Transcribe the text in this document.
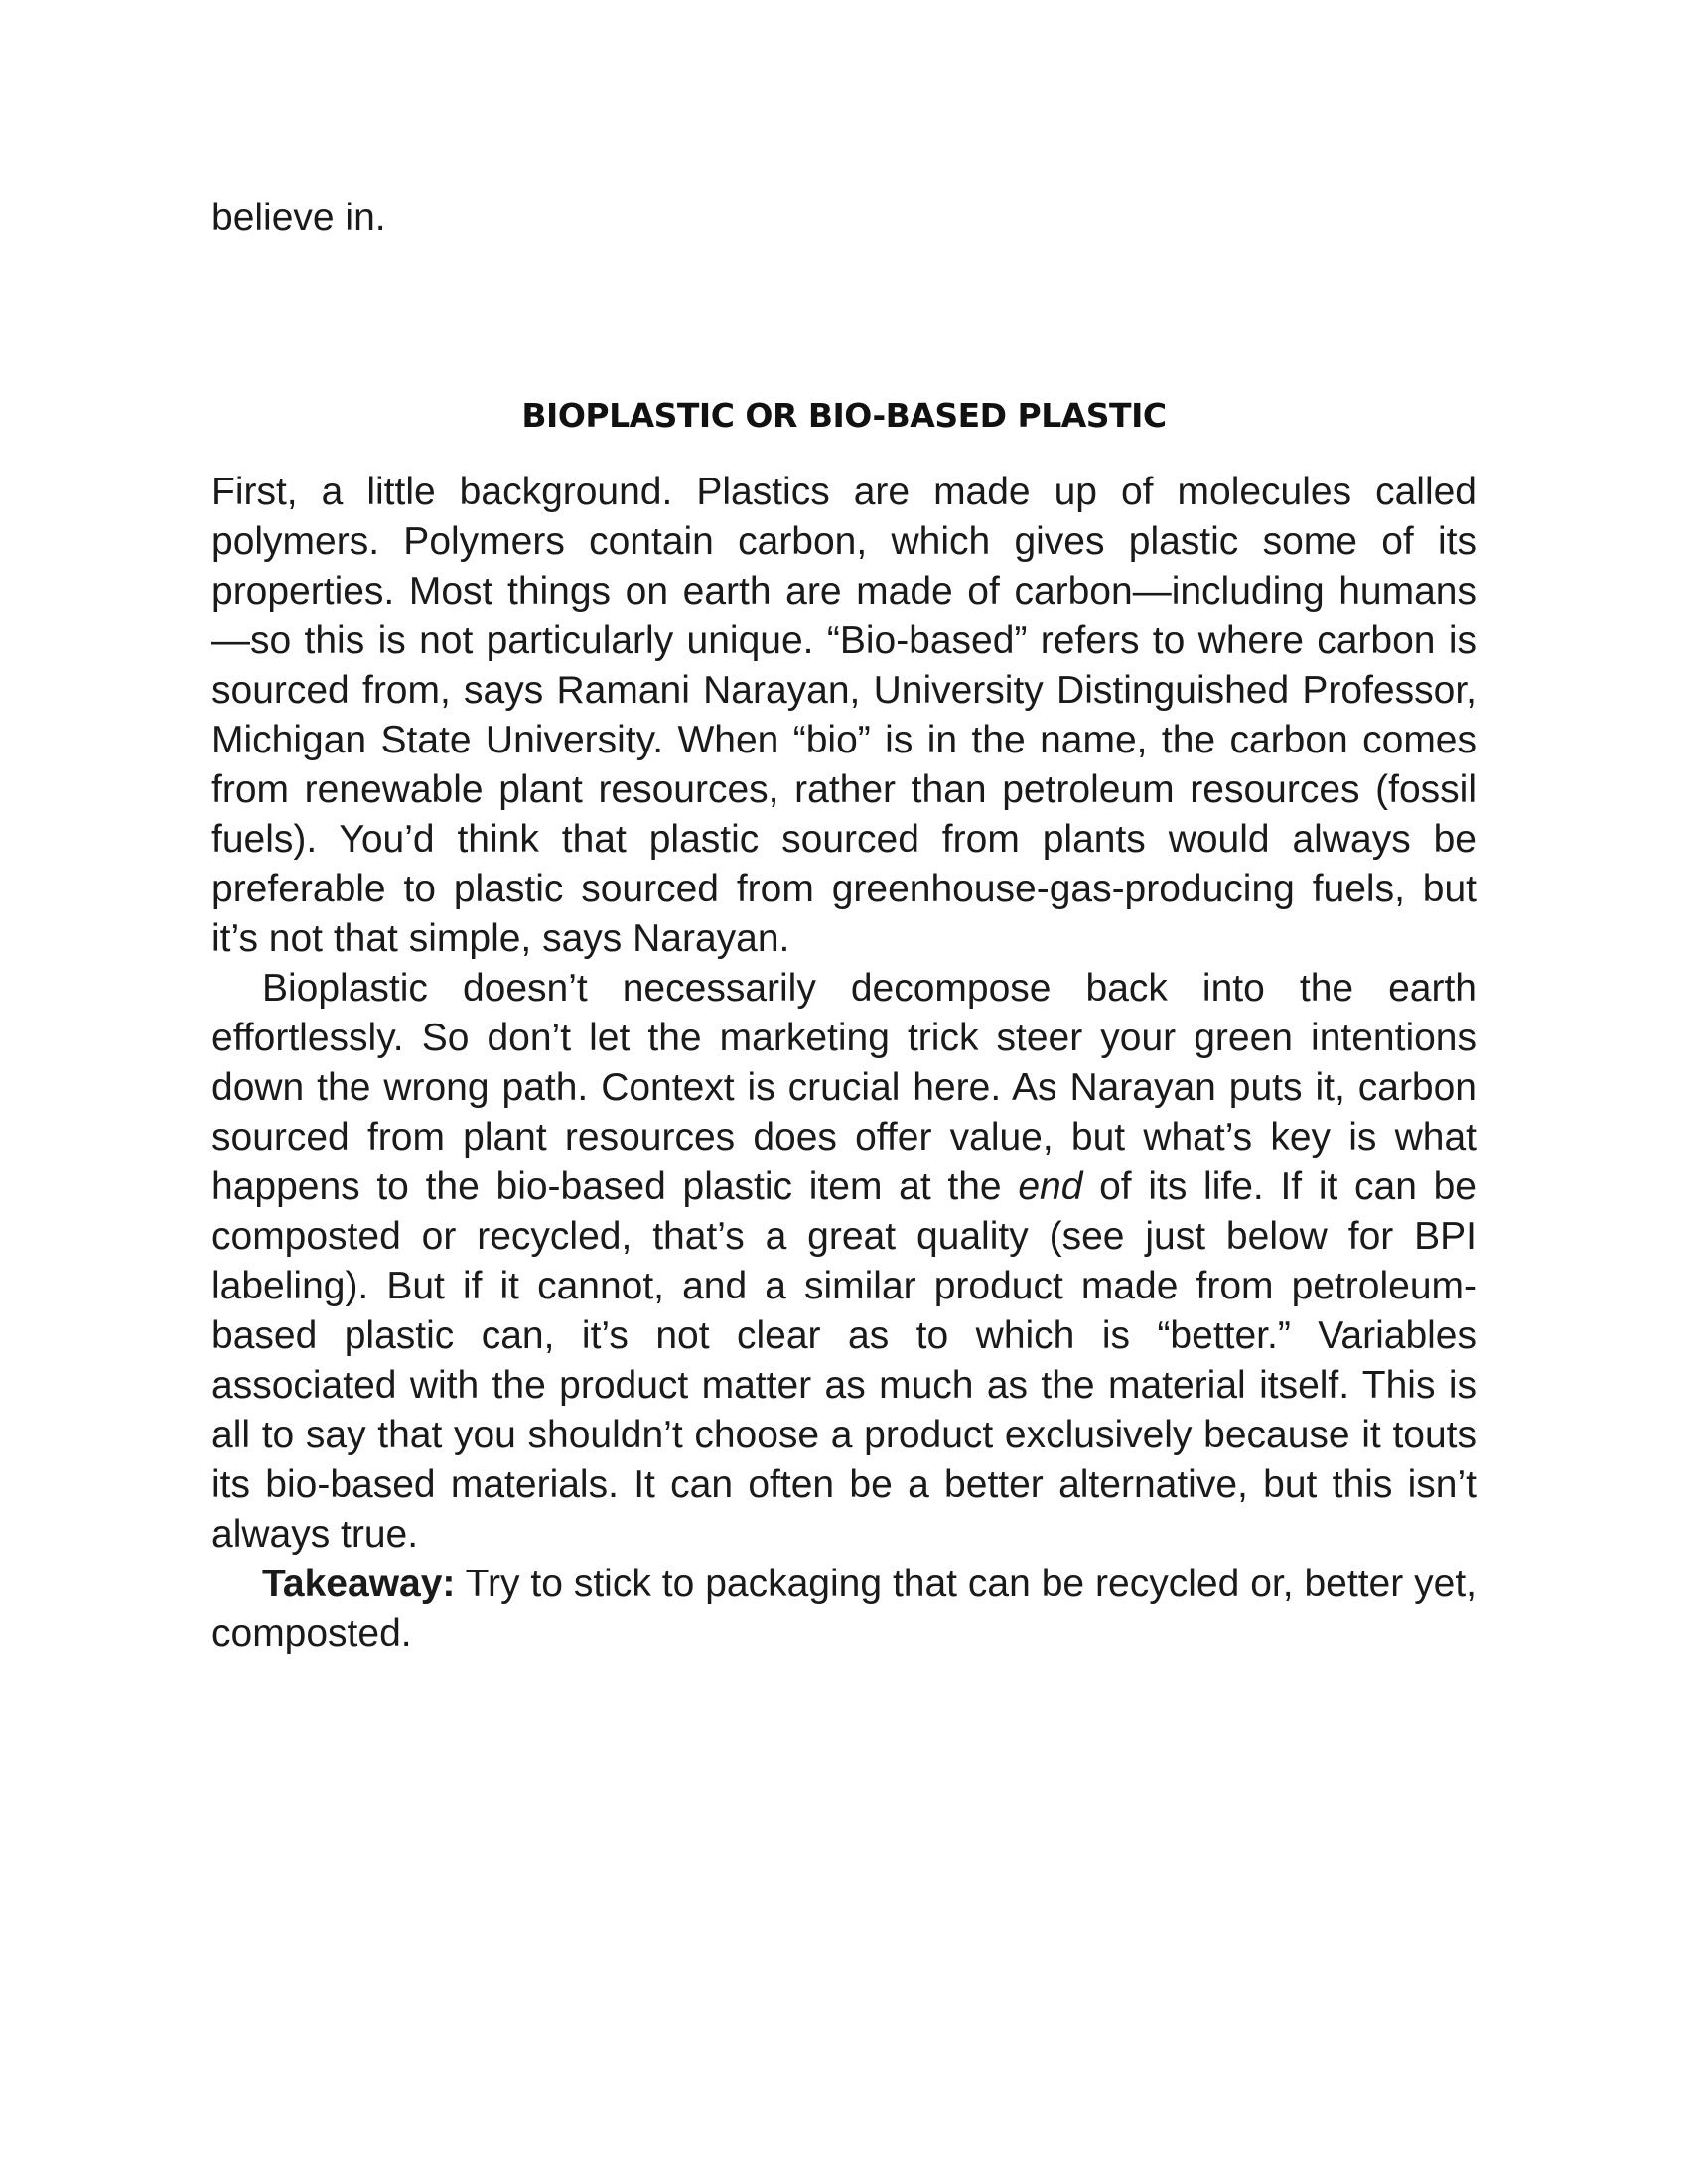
believe in.

BIOPLASTIC OR BIO-BASED PLASTIC

First, a little background. Plastics are made up of molecules called polymers. Polymers contain carbon, which gives plastic some of its properties. Most things on earth are made of carbon—including humans—so this is not particularly unique. “Bio-based” refers to where carbon is sourced from, says Ramani Narayan, University Distinguished Professor, Michigan State University. When “bio” is in the name, the carbon comes from renewable plant resources, rather than petroleum resources (fossil fuels). You’d think that plastic sourced from plants would always be preferable to plastic sourced from greenhouse-gas-producing fuels, but it’s not that simple, says Narayan.

Bioplastic doesn’t necessarily decompose back into the earth effortlessly. So don’t let the marketing trick steer your green intentions down the wrong path. Context is crucial here. As Narayan puts it, carbon sourced from plant resources does offer value, but what’s key is what happens to the bio-based plastic item at the end of its life. If it can be composted or recycled, that’s a great quality (see just below for BPI labeling). But if it cannot, and a similar product made from petroleum-based plastic can, it’s not clear as to which is “better.” Variables associated with the product matter as much as the material itself. This is all to say that you shouldn’t choose a product exclusively because it touts its bio-based materials. It can often be a better alternative, but this isn’t always true.

Takeaway: Try to stick to packaging that can be recycled or, better yet, composted.
